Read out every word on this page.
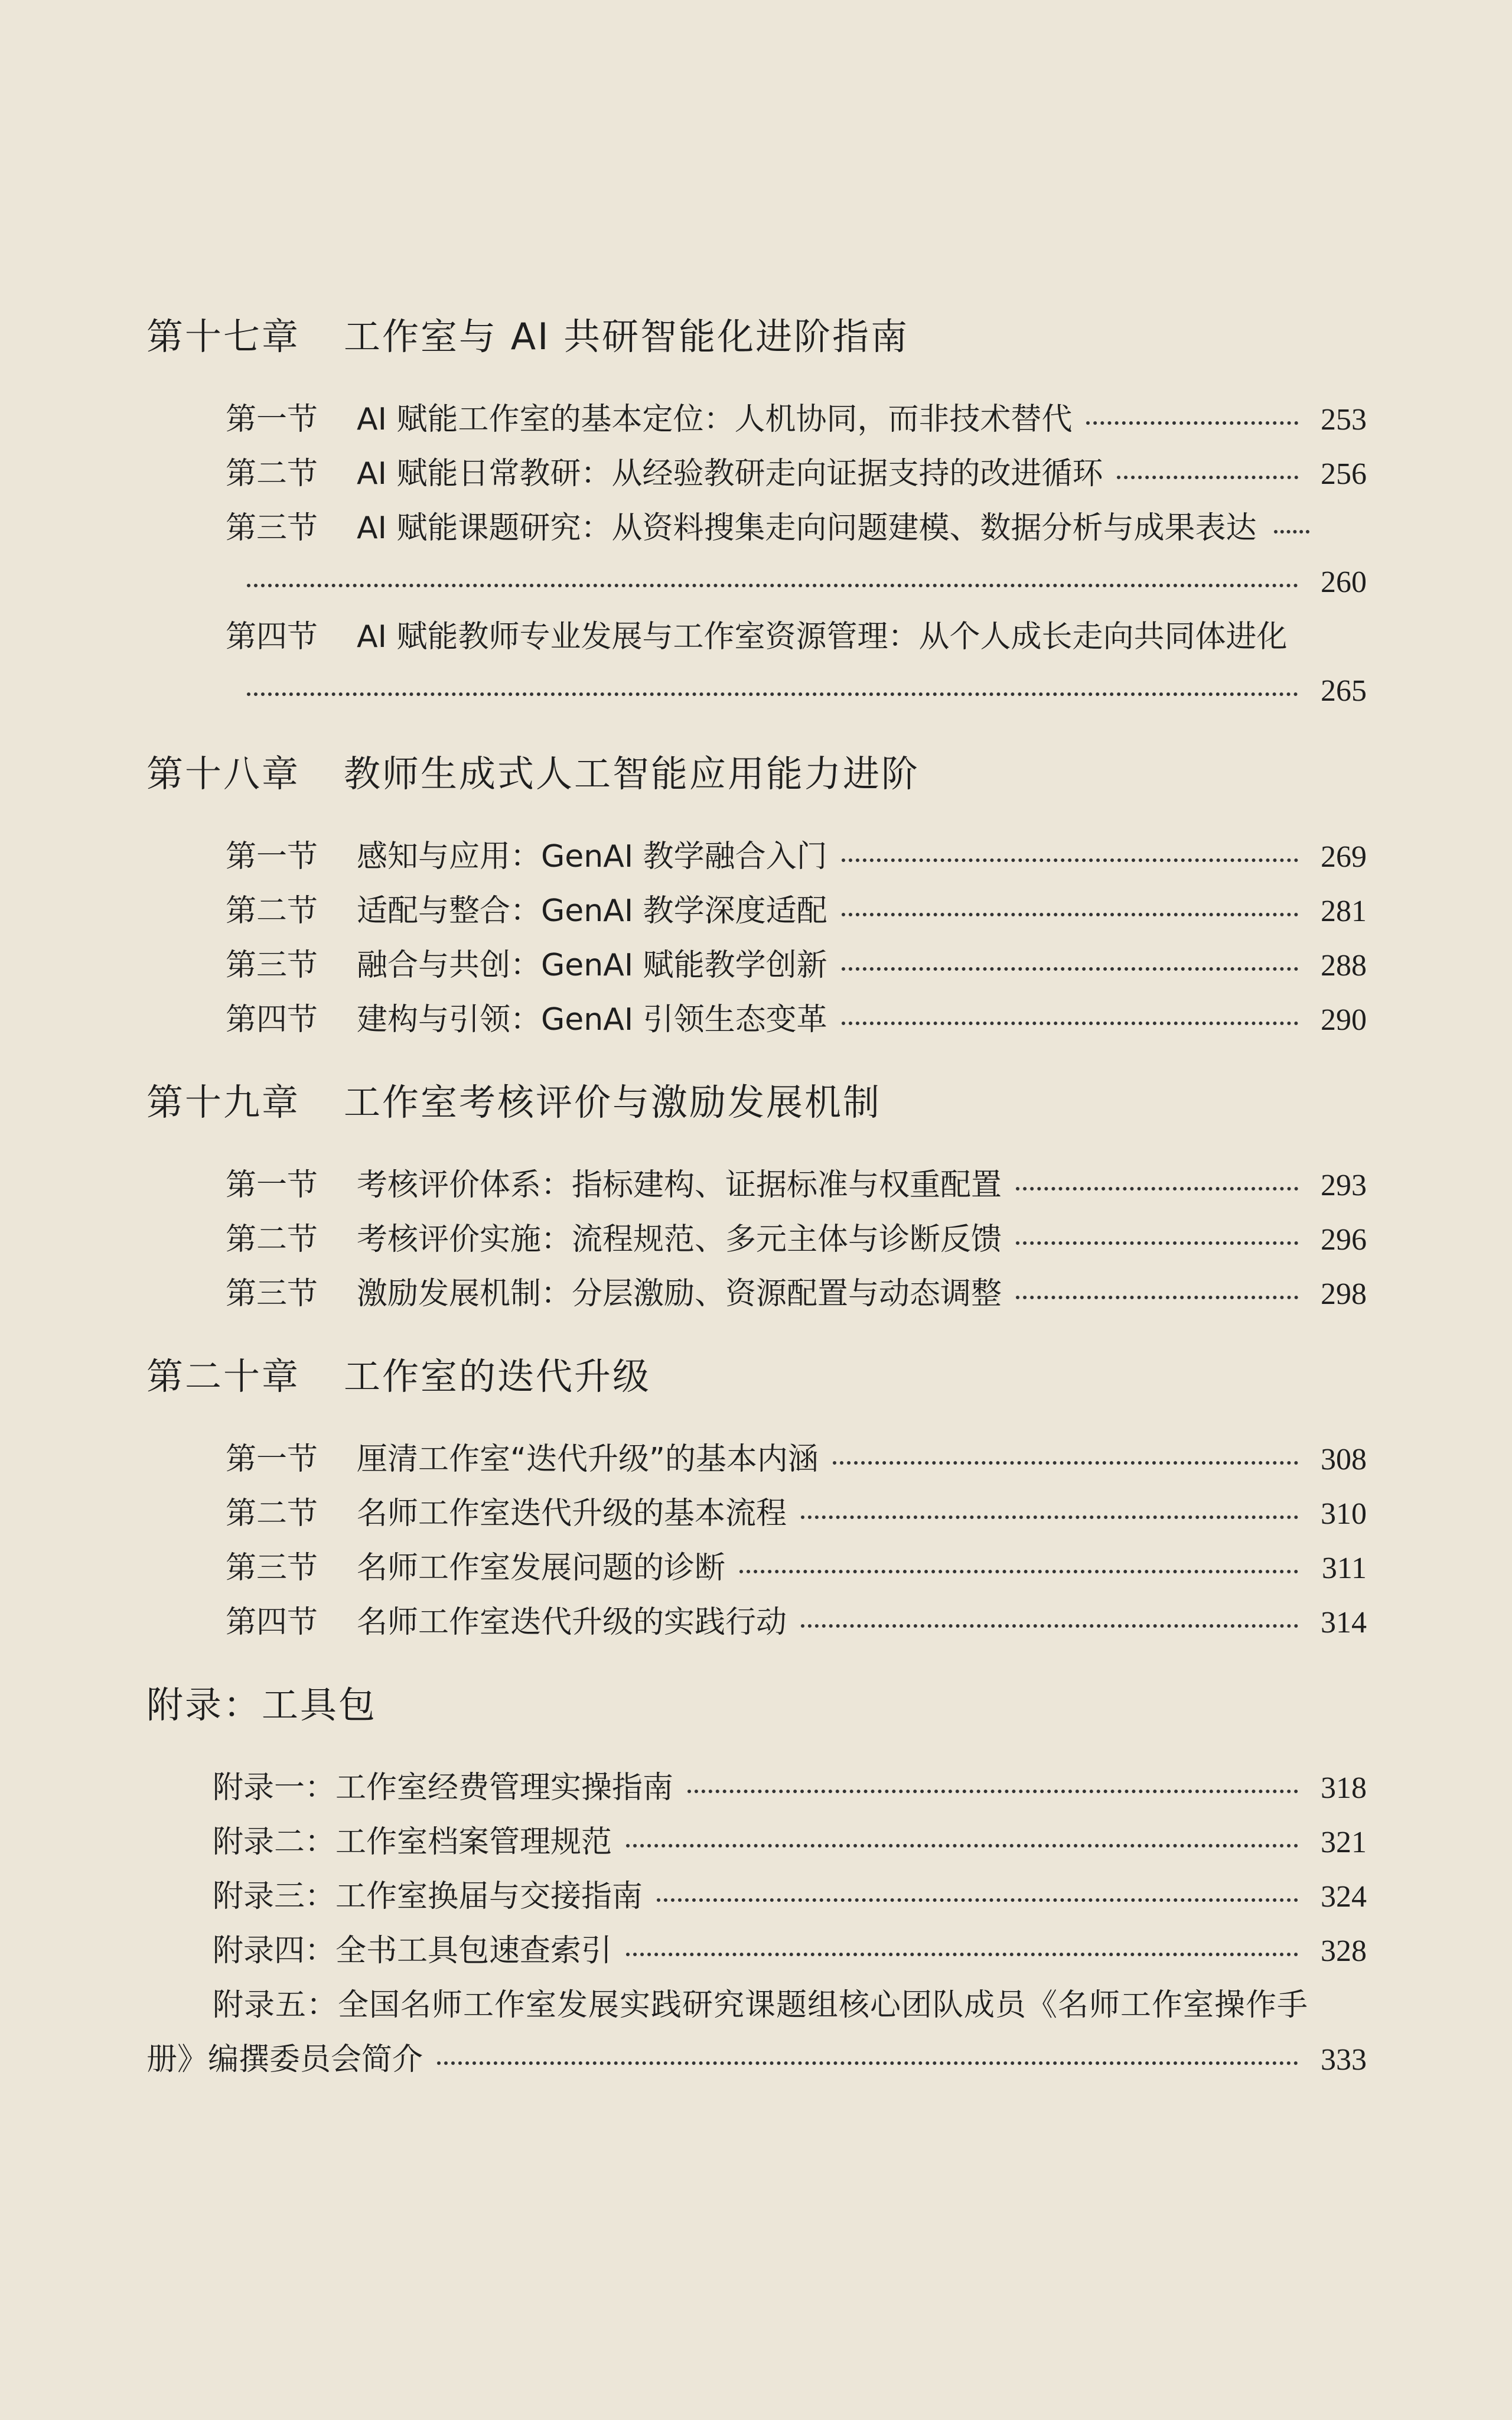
第十七章 工作室与 AI 共研智能化进阶指南
第一节	AI 赋能工作室的基本定位：人机协同，而非技术替代	253
第二节	AI 赋能日常教研：从经验教研走向证据支持的改进循环	256
第三节	AI 赋能课题研究：从资料搜集走向问题建模、数据分析与成果表达
260
第四节	AI 赋能教师专业发展与工作室资源管理：从个人成长走向共同体进化
265
第十八章 教师生成式人工智能应用能力进阶
第一节	感知与应用：GenAI 教学融合入门	269
第二节	适配与整合：GenAI 教学深度适配	281
第三节	融合与共创：GenAI 赋能教学创新	288
第四节	建构与引领：GenAI 引领生态变革	290
第十九章 工作室考核评价与激励发展机制
第一节	考核评价体系：指标建构、证据标准与权重配置	293
第二节	考核评价实施：流程规范、多元主体与诊断反馈	296
第三节	激励发展机制：分层激励、资源配置与动态调整	298
第二十章 工作室的迭代升级
第一节	厘清工作室“迭代升级”的基本内涵	308
第二节	名师工作室迭代升级的基本流程	310
第三节	名师工作室发展问题的诊断	311
第四节	名师工作室迭代升级的实践行动	314
附录：工具包
附录一：工作室经费管理实操指南	318
附录二：工作室档案管理规范	321
附录三：工作室换届与交接指南	324
附录四：全书工具包速查索引	328
附录五：全国名师工作室发展实践研究课题组核心团队成员《名师工作室操作手
册》编撰委员会简介	333
